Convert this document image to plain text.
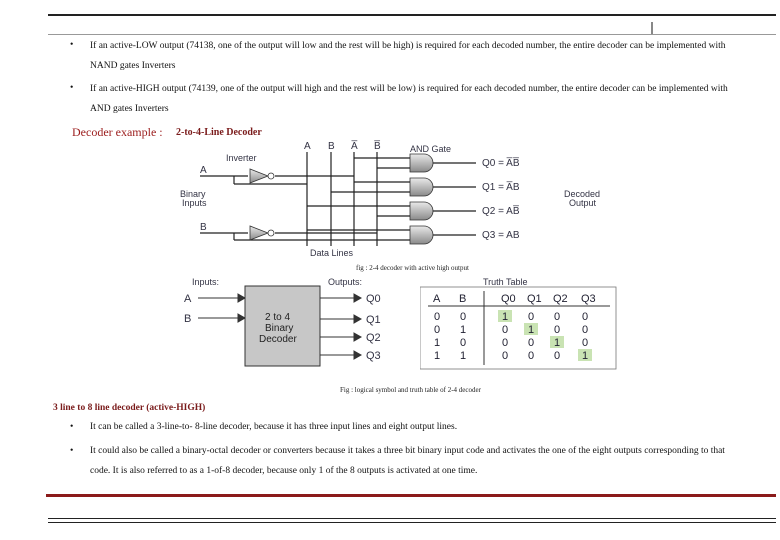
• If an active-LOW output (74138, one of the output will low and the rest will be high) is required for each decoded number, the entire decoder can be implemented with
NAND gates Inverters
• If an active-HIGH output (74139, one of the output will high and the rest will be low) is required for each decoded number, the entire decoder can be implemented with
AND gates Inverters
Decoder example : 2-to-4-Line Decoder
A B A̅ B̅	AND Gate
Inverter
A
B
Binary
Inputs
Q0 = A̅B̅
Q1 = A̅B
Q2 = AB̅
Q3 = AB
Decoded
Output
Data Lines
fig : 2-4 decoder with active high output
Inputs:	Outputs:
A
B	2 to 4
Binary
Decoder
Q0
Q1
Q2
Q3
Truth Table
A B	Q0 Q1 Q2 Q3
0 0	1 0 0 0
0 1	0 1 0 0
1 0	0 0 1 0
1 1	0 0 0 1
Fig : logical symbol and truth table of 2-4 decoder
3 line to 8 line decoder (active-HIGH)
• It can be called a 3-line-to- 8-line decoder, because it has three input lines and eight output lines.
• It could also be called a binary-octal decoder or converters because it takes a three bit binary input code and activates the one of the eight outputs corresponding to that
code. It is also referred to as a 1-of-8 decoder, because only 1 of the 8 outputs is activated at one time.
